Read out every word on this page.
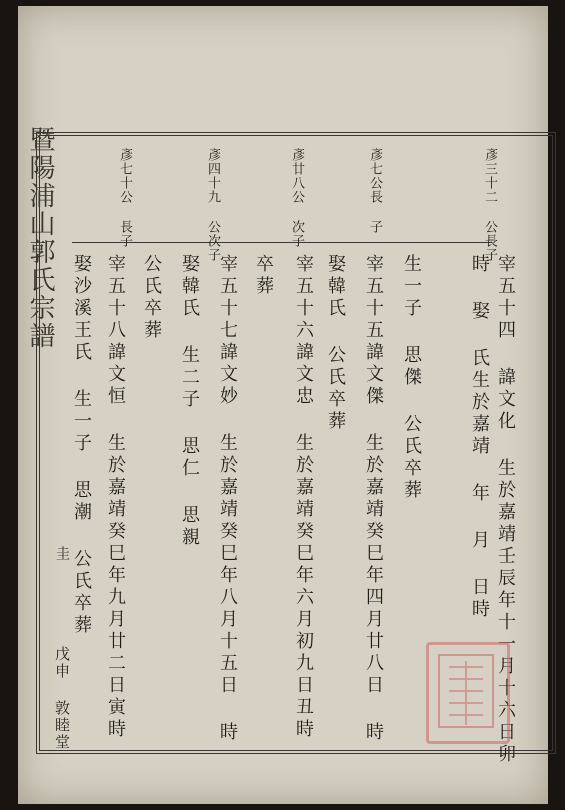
暨陽浦山郭氏宗譜	彥三十二 公長子
彥七公長 子
彥廿八公 次子
彥四十九 公次子
彥七十公 長子
宰五十四 諱文化 生於嘉靖壬辰年十一月十六日卯
時 娶 氏生於嘉靖 年 月 日時
宰五十五諱文傑 生於嘉靖癸巳年四月廿八日 時 生一子 思傑 公氏卒葬
宰五十六諱文忠 生於嘉靖癸巳年六月初九日丑時 娶韓氏 公氏卒葬
宰五十七諱文妙 生於嘉靖癸巳年八月十五日 時 卒葬
宰五十八諱文恒 生於嘉靖癸巳年九月廿二日寅時	娶韓氏 生二子 思仁 思親
公氏卒葬
娶沙溪王氏 生一子 思潮 公氏卒葬
圭
戊申 敦睦堂
